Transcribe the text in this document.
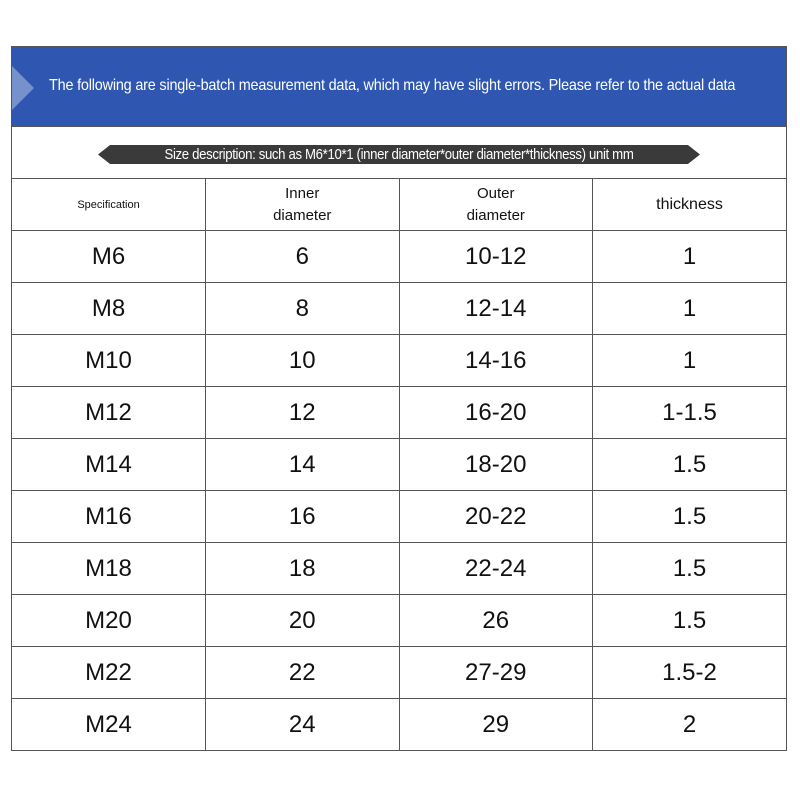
The following are single-batch measurement data, which may have slight errors. Please refer to the actual data
Size description: such as M6*10*1 (inner diameter*outer diameter*thickness) unit mm
Specification	Inner diameter	Outer diameter	thickness
M6	6	10-12	1
M8	8	12-14	1
M10	10	14-16	1
M12	12	16-20	1-1.5
M14	14	18-20	1.5
M16	16	20-22	1.5
M18	18	22-24	1.5
M20	20	26	1.5
M22	22	27-29	1.5-2
M24	24	29	2
